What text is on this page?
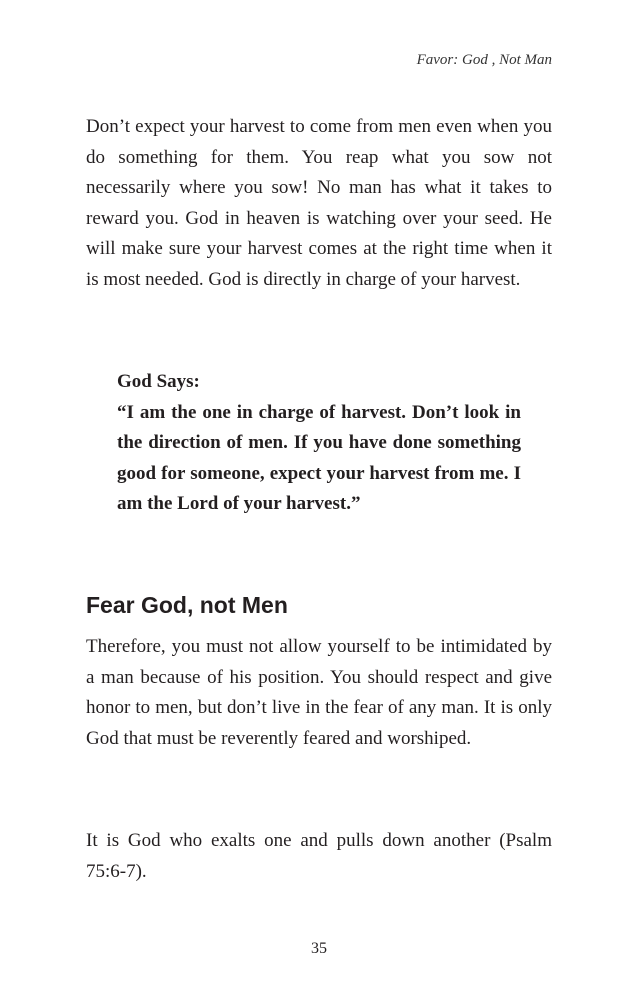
Favor: God , Not Man

Don’t expect your harvest to come from men even when you do something for them. You reap what you sow not necessarily where you sow! No man has what it takes to reward you. God in heaven is watching over your seed. He will make sure your harvest comes at the right time when it is most needed. God is directly in charge of your harvest.

God Says:
“I am the one in charge of harvest. Don’t look in the direction of men. If you have done something good for someone, expect your harvest from me. I am the Lord of your harvest.”
Fear God, not Men

Therefore, you must not allow yourself to be intimidated by a man because of his position. You should respect and give honor to men, but don’t live in the fear of any man. It is only God that must be reverently feared and worshiped.

It is God who exalts one and pulls down another (Psalm 75:6-7).

35
